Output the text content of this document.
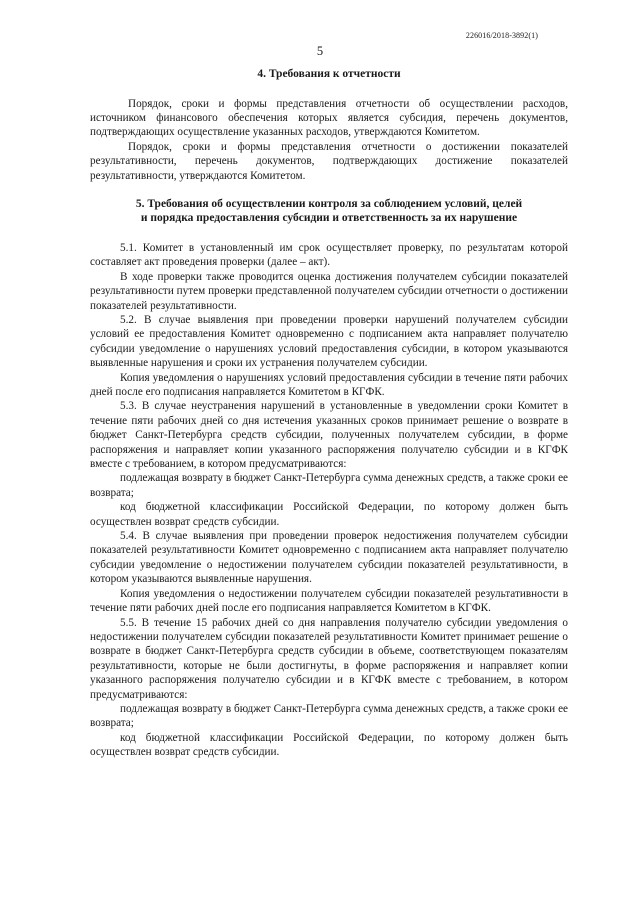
226016/2018-3892(1)
5
4. Требования к отчетности

Порядок, сроки и формы представления отчетности об осуществлении расходов, источником финансового обеспечения которых является субсидия, перечень документов, подтверждающих осуществление указанных расходов, утверждаются Комитетом.

Порядок, сроки и формы представления отчетности о достижении показателей результативности, перечень документов, подтверждающих достижение показателей результативности, утверждаются Комитетом.

5. Требования об осуществлении контроля за соблюдением условий, целей
и порядка предоставления субсидии и ответственность за их нарушение

5.1. Комитет в установленный им срок осуществляет проверку, по результатам которой составляет акт проведения проверки (далее – акт).

В ходе проверки также проводится оценка достижения получателем субсидии показателей результативности путем проверки представленной получателем субсидии отчетности о достижении показателей результативности.

5.2. В случае выявления при проведении проверки нарушений получателем субсидии условий ее предоставления Комитет одновременно с подписанием акта направляет получателю субсидии уведомление о нарушениях условий предоставления субсидии, в котором указываются выявленные нарушения и сроки их устранения получателем субсидии.

Копия уведомления о нарушениях условий предоставления субсидии в течение пяти рабочих дней после его подписания направляется Комитетом в КГФК.

5.3. В случае неустранения нарушений в установленные в уведомлении сроки Комитет в течение пяти рабочих дней со дня истечения указанных сроков принимает решение о возврате в бюджет Санкт-Петербурга средств субсидии, полученных получателем субсидии, в форме распоряжения и направляет копии указанного распоряжения получателю субсидии и в КГФК вместе с требованием, в котором предусматриваются:

подлежащая возврату в бюджет Санкт-Петербурга сумма денежных средств, а также сроки ее возврата;

код бюджетной классификации Российской Федерации, по которому должен быть осуществлен возврат средств субсидии.

5.4. В случае выявления при проведении проверок недостижения получателем субсидии показателей результативности Комитет одновременно с подписанием акта направляет получателю субсидии уведомление о недостижении получателем субсидии показателей результативности, в котором указываются выявленные нарушения.

Копия уведомления о недостижении получателем субсидии показателей результативности в течение пяти рабочих дней после его подписания направляется Комитетом в КГФК.

5.5. В течение 15 рабочих дней со дня направления получателю субсидии уведомления о недостижении получателем субсидии показателей результативности Комитет принимает решение о возврате в бюджет Санкт-Петербурга средств субсидии в объеме, соответствующем показателям результативности, которые не были достигнуты, в форме распоряжения и направляет копии указанного распоряжения получателю субсидии и в КГФК вместе с требованием, в котором предусматриваются:

подлежащая возврату в бюджет Санкт-Петербурга сумма денежных средств, а также сроки ее возврата;

код бюджетной классификации Российской Федерации, по которому должен быть осуществлен возврат средств субсидии.
